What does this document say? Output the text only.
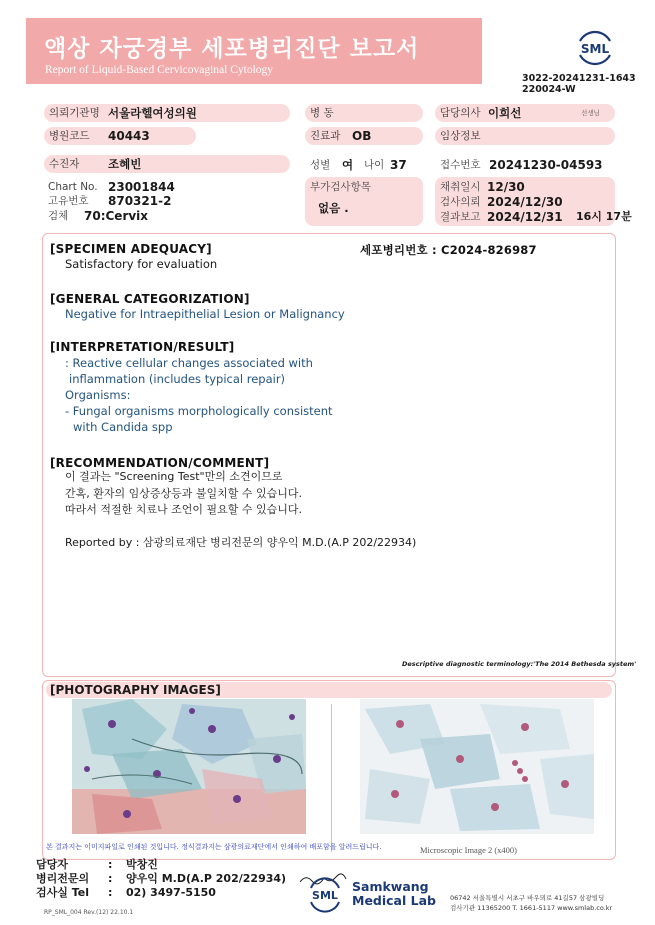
액상 자궁경부 세포병리진단 보고서
Report of Liquid-Based Cervicovaginal Cytology
SML
3022-20241231-1643
220024-W
의뢰기관명 서울라헬여성의원	병 동	담당의사 이희선	선생님
병원코드	40443	진료과 OB	임상정보
수진자	조혜빈	성별 여 나이 37	접수번호 20241230-04593
Chart No. 23001844
고유번호 870321-2
검체 70:Cervix
부가검사항목
없음 .
채취일시 12/30
검사의뢰 2024/12/30
결과보고 2024/12/31 16시 17분
[SPECIMEN ADEQUACY]	세포병리번호 : C2024-826987
Satisfactory for evaluation
[GENERAL CATEGORIZATION]
Negative for Intraepithelial Lesion or Malignancy
[INTERPRETATION/RESULT]
: Reactive cellular changes associated with
inflammation (includes typical repair)
Organisms:
- Fungal organisms morphologically consistent
with Candida spp
[RECOMMENDATION/COMMENT]
이 결과는 "Screening Test"만의 소견이므로
간혹, 환자의 임상증상등과 불일치할 수 있습니다.
따라서 적절한 치료나 조언이 필요할 수 있습니다.
Reported by : 삼광의료재단 병리전문의 양우익 M.D.(A.P 202/22934)
Descriptive diagnostic terminology:'The 2014 Bethesda system'
[PHOTOGRAPHY IMAGES]
Microscopic Image 2 (x400)
본 결과지는 이미지파일로 인쇄된 것입니다. 정식결과지는 삼광의료재단에서 인쇄하여 배포함을 알려드립니다.
담당자	: 박창진
병리전문의 : 양우익 M.D(A.P 202/22934)
검사실 Tel : 02) 3497-5150	SML
Samkwang
Medical Lab 06742 서울특별시 서초구 바우뫼로 41길57 삼광빌딩
검사기관 11365200 T. 1661-5117 www.smlab.co.kr
RP_SML_004 Rev.(12) 22.10.1
